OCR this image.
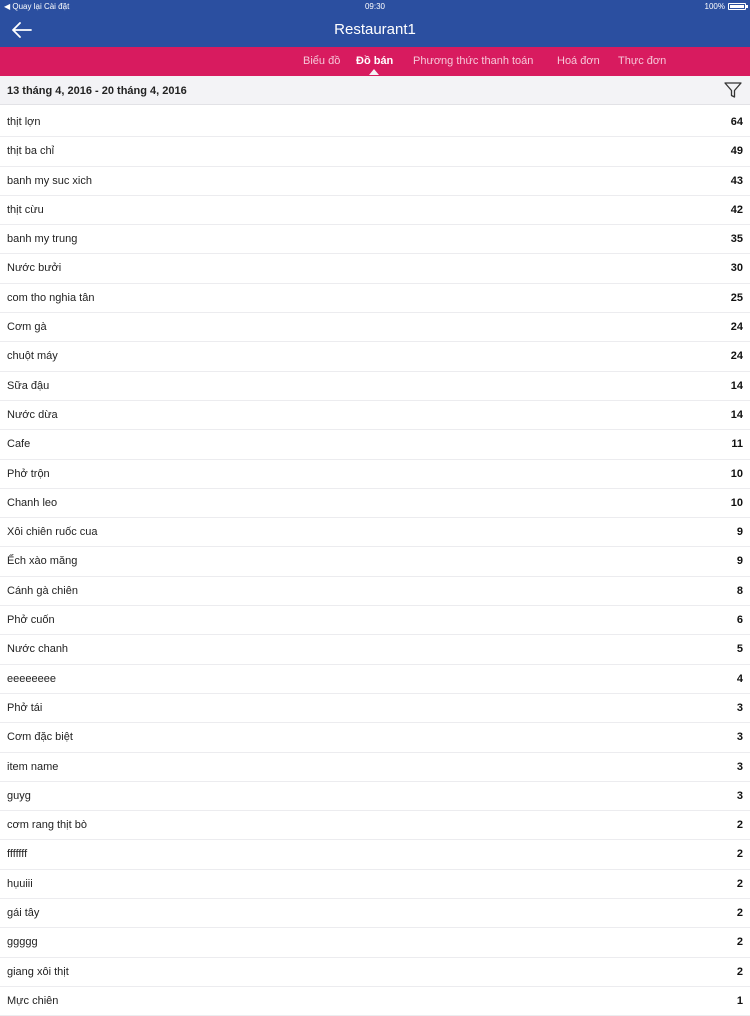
◀ Quay lại Cài đặt	09:30	100%
Restaurant1
Biểu đồ Đồ bán Phương thức thanh toán Hoá đơn Thực đơn
13 tháng 4, 2016 - 20 tháng 4, 2016
thịt lợn	64
thịt ba chỉ	49
banh my suc xich	43
thịt cừu	42
banh my trung	35
Nước bưởi	30
com tho nghia tân	25
Cơm gà	24
chuột máy	24
Sữa đậu	14
Nước dừa	14
Cafe	11
Phở trộn	10
Chanh leo	10
Xôi chiên ruốc cua	9
Ếch xào măng	9
Cánh gà chiên	8
Phở cuốn	6
Nước chanh	5
eeeeeeee	4
Phở tái	3
Cơm đặc biệt	3
item name	3
guyg	3
cơm rang thịt bò	2
fffffff	2
hụuiii	2
gái tây	2
ggggg	2
giang xôi thịt	2
Mực chiên	1
